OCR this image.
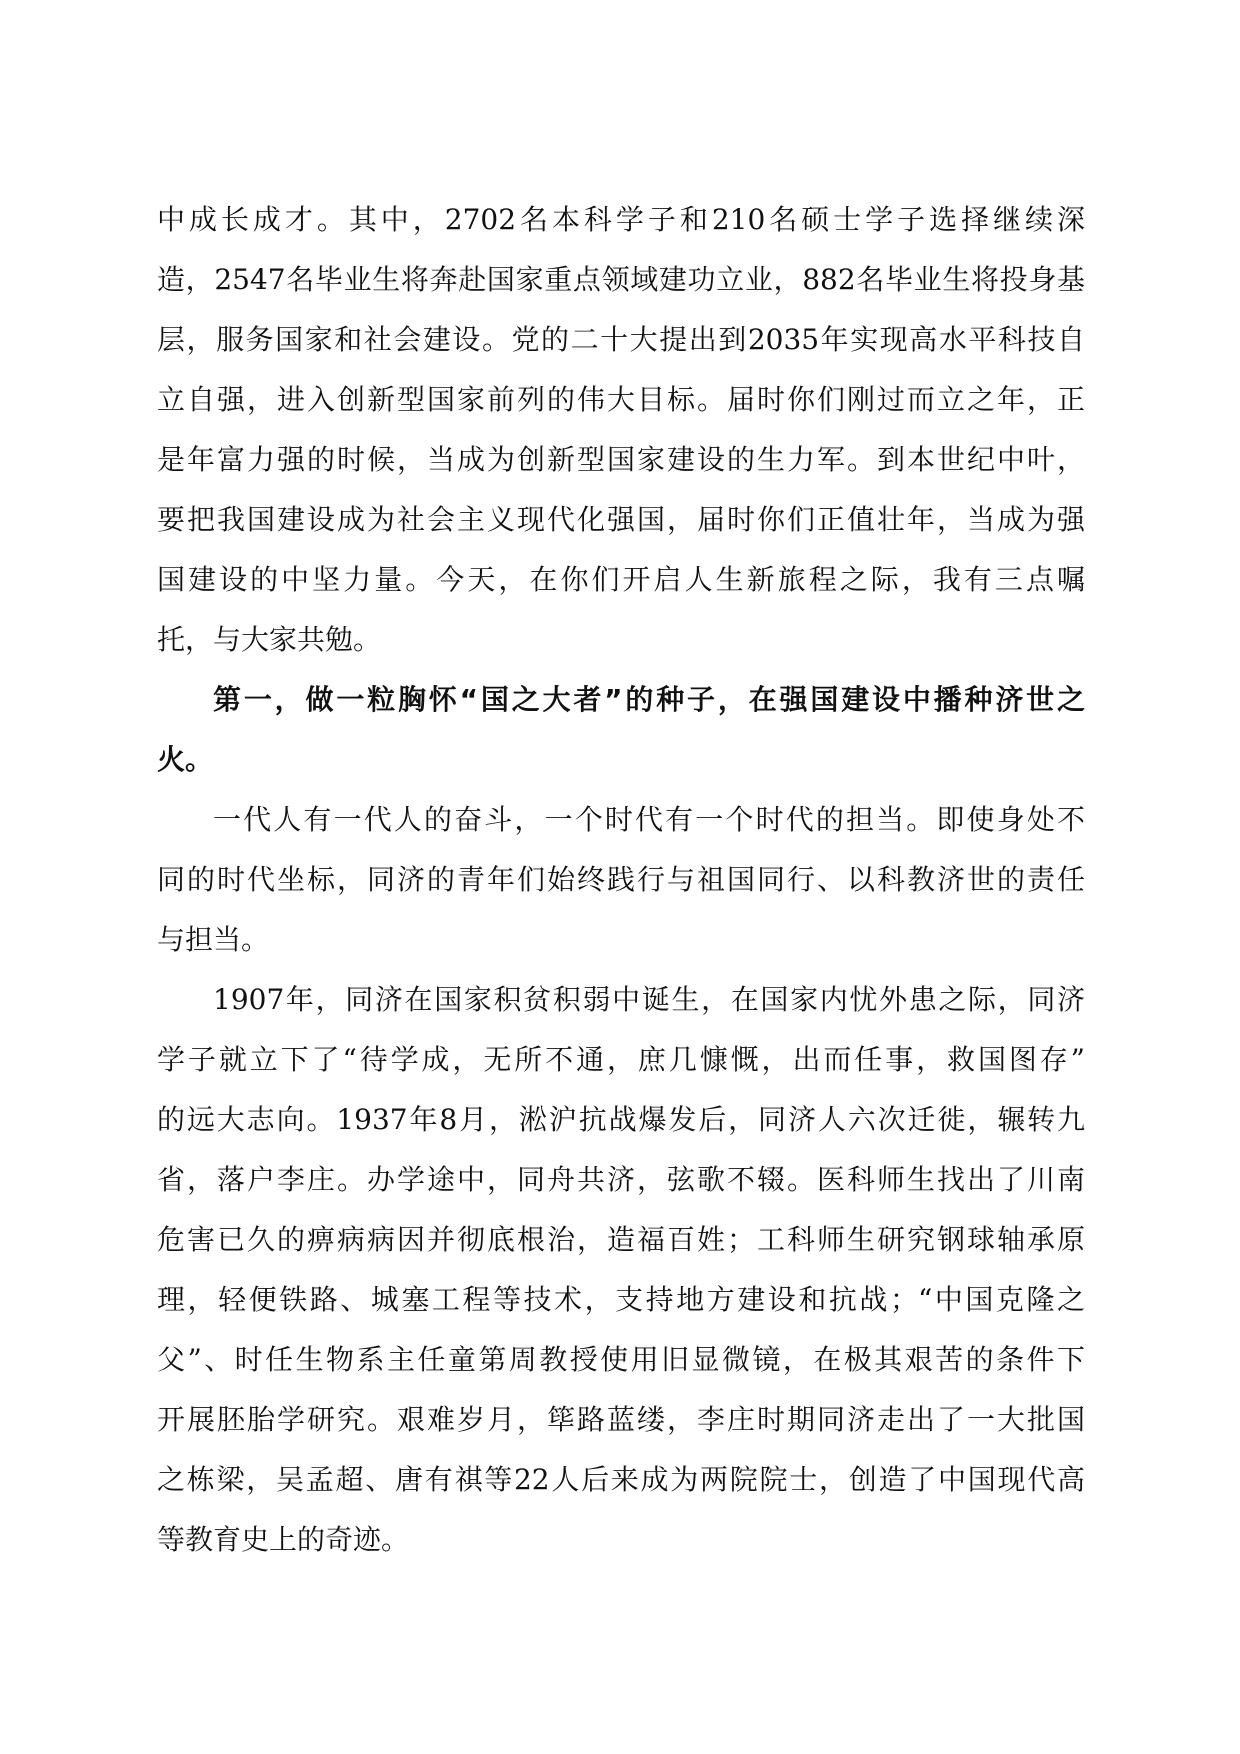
中成长成才。其中，2702名本科学子和210名硕士学子选择继续深
造，2547名毕业生将奔赴国家重点领域建功立业，882名毕业生将投身基
层，服务国家和社会建设。党的二十大提出到2035年实现高水平科技自
立自强，进入创新型国家前列的伟大目标。届时你们刚过而立之年，正
是年富力强的时候，当成为创新型国家建设的生力军。到本世纪中叶，
要把我国建设成为社会主义现代化强国，届时你们正值壮年，当成为强
国建设的中坚力量。今天，在你们开启人生新旅程之际，我有三点嘱
托，与大家共勉。
第一，做一粒胸怀“国之大者”的种子，在强国建设中播种济世之
火。
一代人有一代人的奋斗，一个时代有一个时代的担当。即使身处不
同的时代坐标，同济的青年们始终践行与祖国同行、以科教济世的责任
与担当。
1907年，同济在国家积贫积弱中诞生，在国家内忧外患之际，同济
学子就立下了“待学成，无所不通，庶几慷慨，出而任事，救国图存”
的远大志向。1937年8月，淞沪抗战爆发后，同济人六次迁徙，辗转九
省，落户李庄。办学途中，同舟共济，弦歌不辍。医科师生找出了川南
危害已久的痹病病因并彻底根治，造福百姓；工科师生研究钢球轴承原
理，轻便铁路、城塞工程等技术，支持地方建设和抗战；“中国克隆之
父”、时任生物系主任童第周教授使用旧显微镜，在极其艰苦的条件下
开展胚胎学研究。艰难岁月，筚路蓝缕，李庄时期同济走出了一大批国
之栋梁，吴孟超、唐有祺等22人后来成为两院院士，创造了中国现代高
等教育史上的奇迹。
